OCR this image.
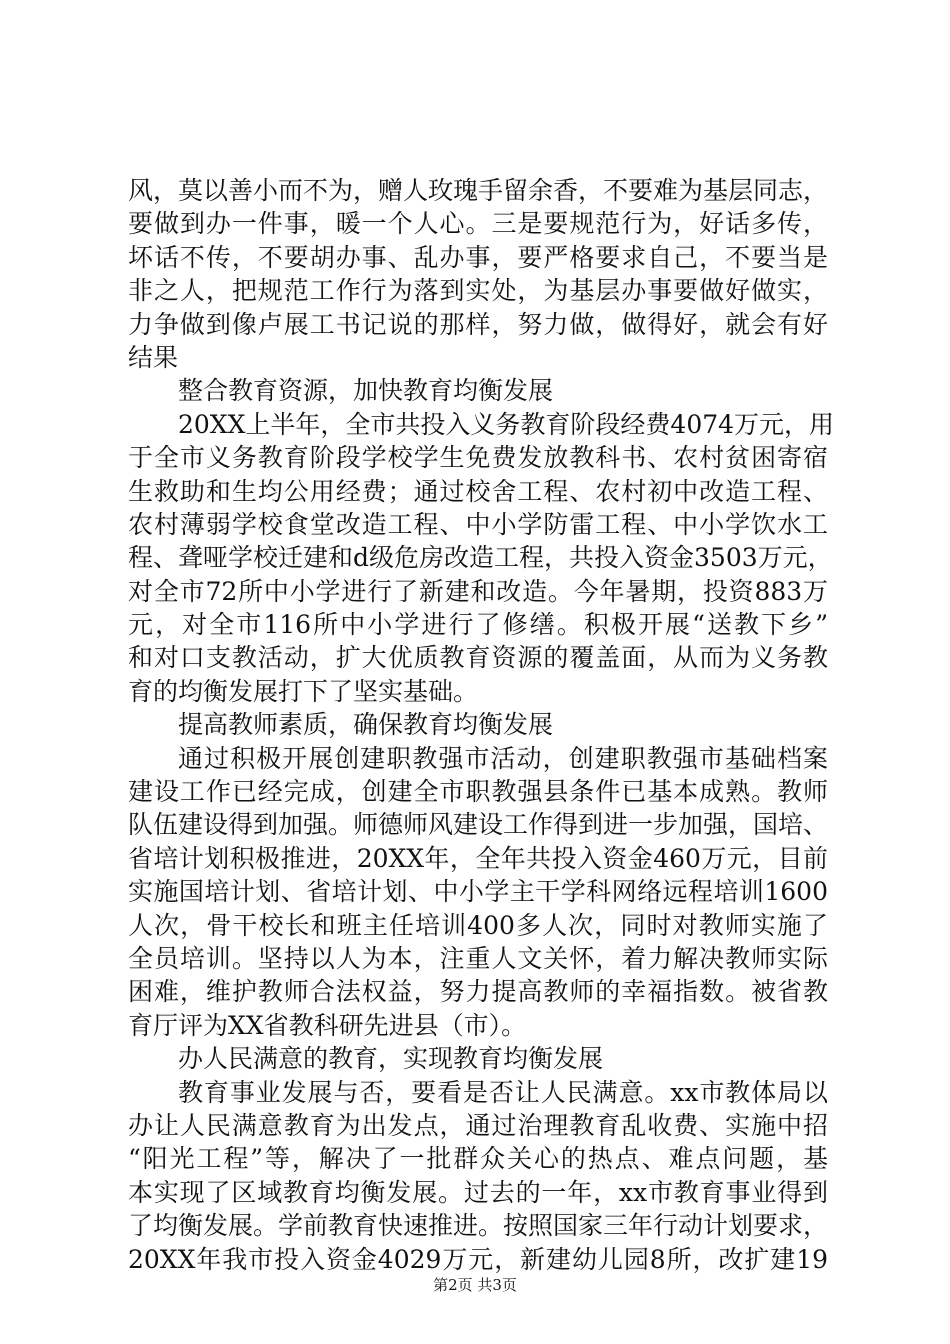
风，莫以善小而不为，赠人玫瑰手留余香，不要难为基层同志，
要做到办一件事，暖一个人心。三是要规范行为，好话多传，
坏话不传，不要胡办事、乱办事，要严格要求自己，不要当是
非之人，把规范工作行为落到实处，为基层办事要做好做实，
力争做到像卢展工书记说的那样，努力做，做得好，就会有好
结果
整合教育资源，加快教育均衡发展
20XX上半年，全市共投入义务教育阶段经费4074万元，用
于全市义务教育阶段学校学生免费发放教科书、农村贫困寄宿
生救助和生均公用经费；通过校舍工程、农村初中改造工程、
农村薄弱学校食堂改造工程、中小学防雷工程、中小学饮水工
程、聋哑学校迁建和d级危房改造工程，共投入资金3503万元，
对全市72所中小学进行了新建和改造。今年暑期，投资883万
元，对全市116所中小学进行了修缮。积极开展“送教下乡”
和对口支教活动，扩大优质教育资源的覆盖面，从而为义务教
育的均衡发展打下了坚实基础。
提高教师素质，确保教育均衡发展
通过积极开展创建职教强市活动，创建职教强市基础档案
建设工作已经完成，创建全市职教强县条件已基本成熟。教师
队伍建设得到加强。师德师风建设工作得到进一步加强，国培、
省培计划积极推进，20XX年，全年共投入资金460万元，目前
实施国培计划、省培计划、中小学主干学科网络远程培训1600
人次，骨干校长和班主任培训400多人次，同时对教师实施了
全员培训。坚持以人为本，注重人文关怀，着力解决教师实际
困难，维护教师合法权益，努力提高教师的幸福指数。被省教
育厅评为XX省教科研先进县（市）。
办人民满意的教育，实现教育均衡发展
教育事业发展与否，要看是否让人民满意。xx市教体局以
办让人民满意教育为出发点，通过治理教育乱收费、实施中招
“阳光工程”等，解决了一批群众关心的热点、难点问题，基
本实现了区域教育均衡发展。过去的一年，xx市教育事业得到
了均衡发展。学前教育快速推进。按照国家三年行动计划要求，
20XX年我市投入资金4029万元，新建幼儿园8所，改扩建19
第2页 共3页
